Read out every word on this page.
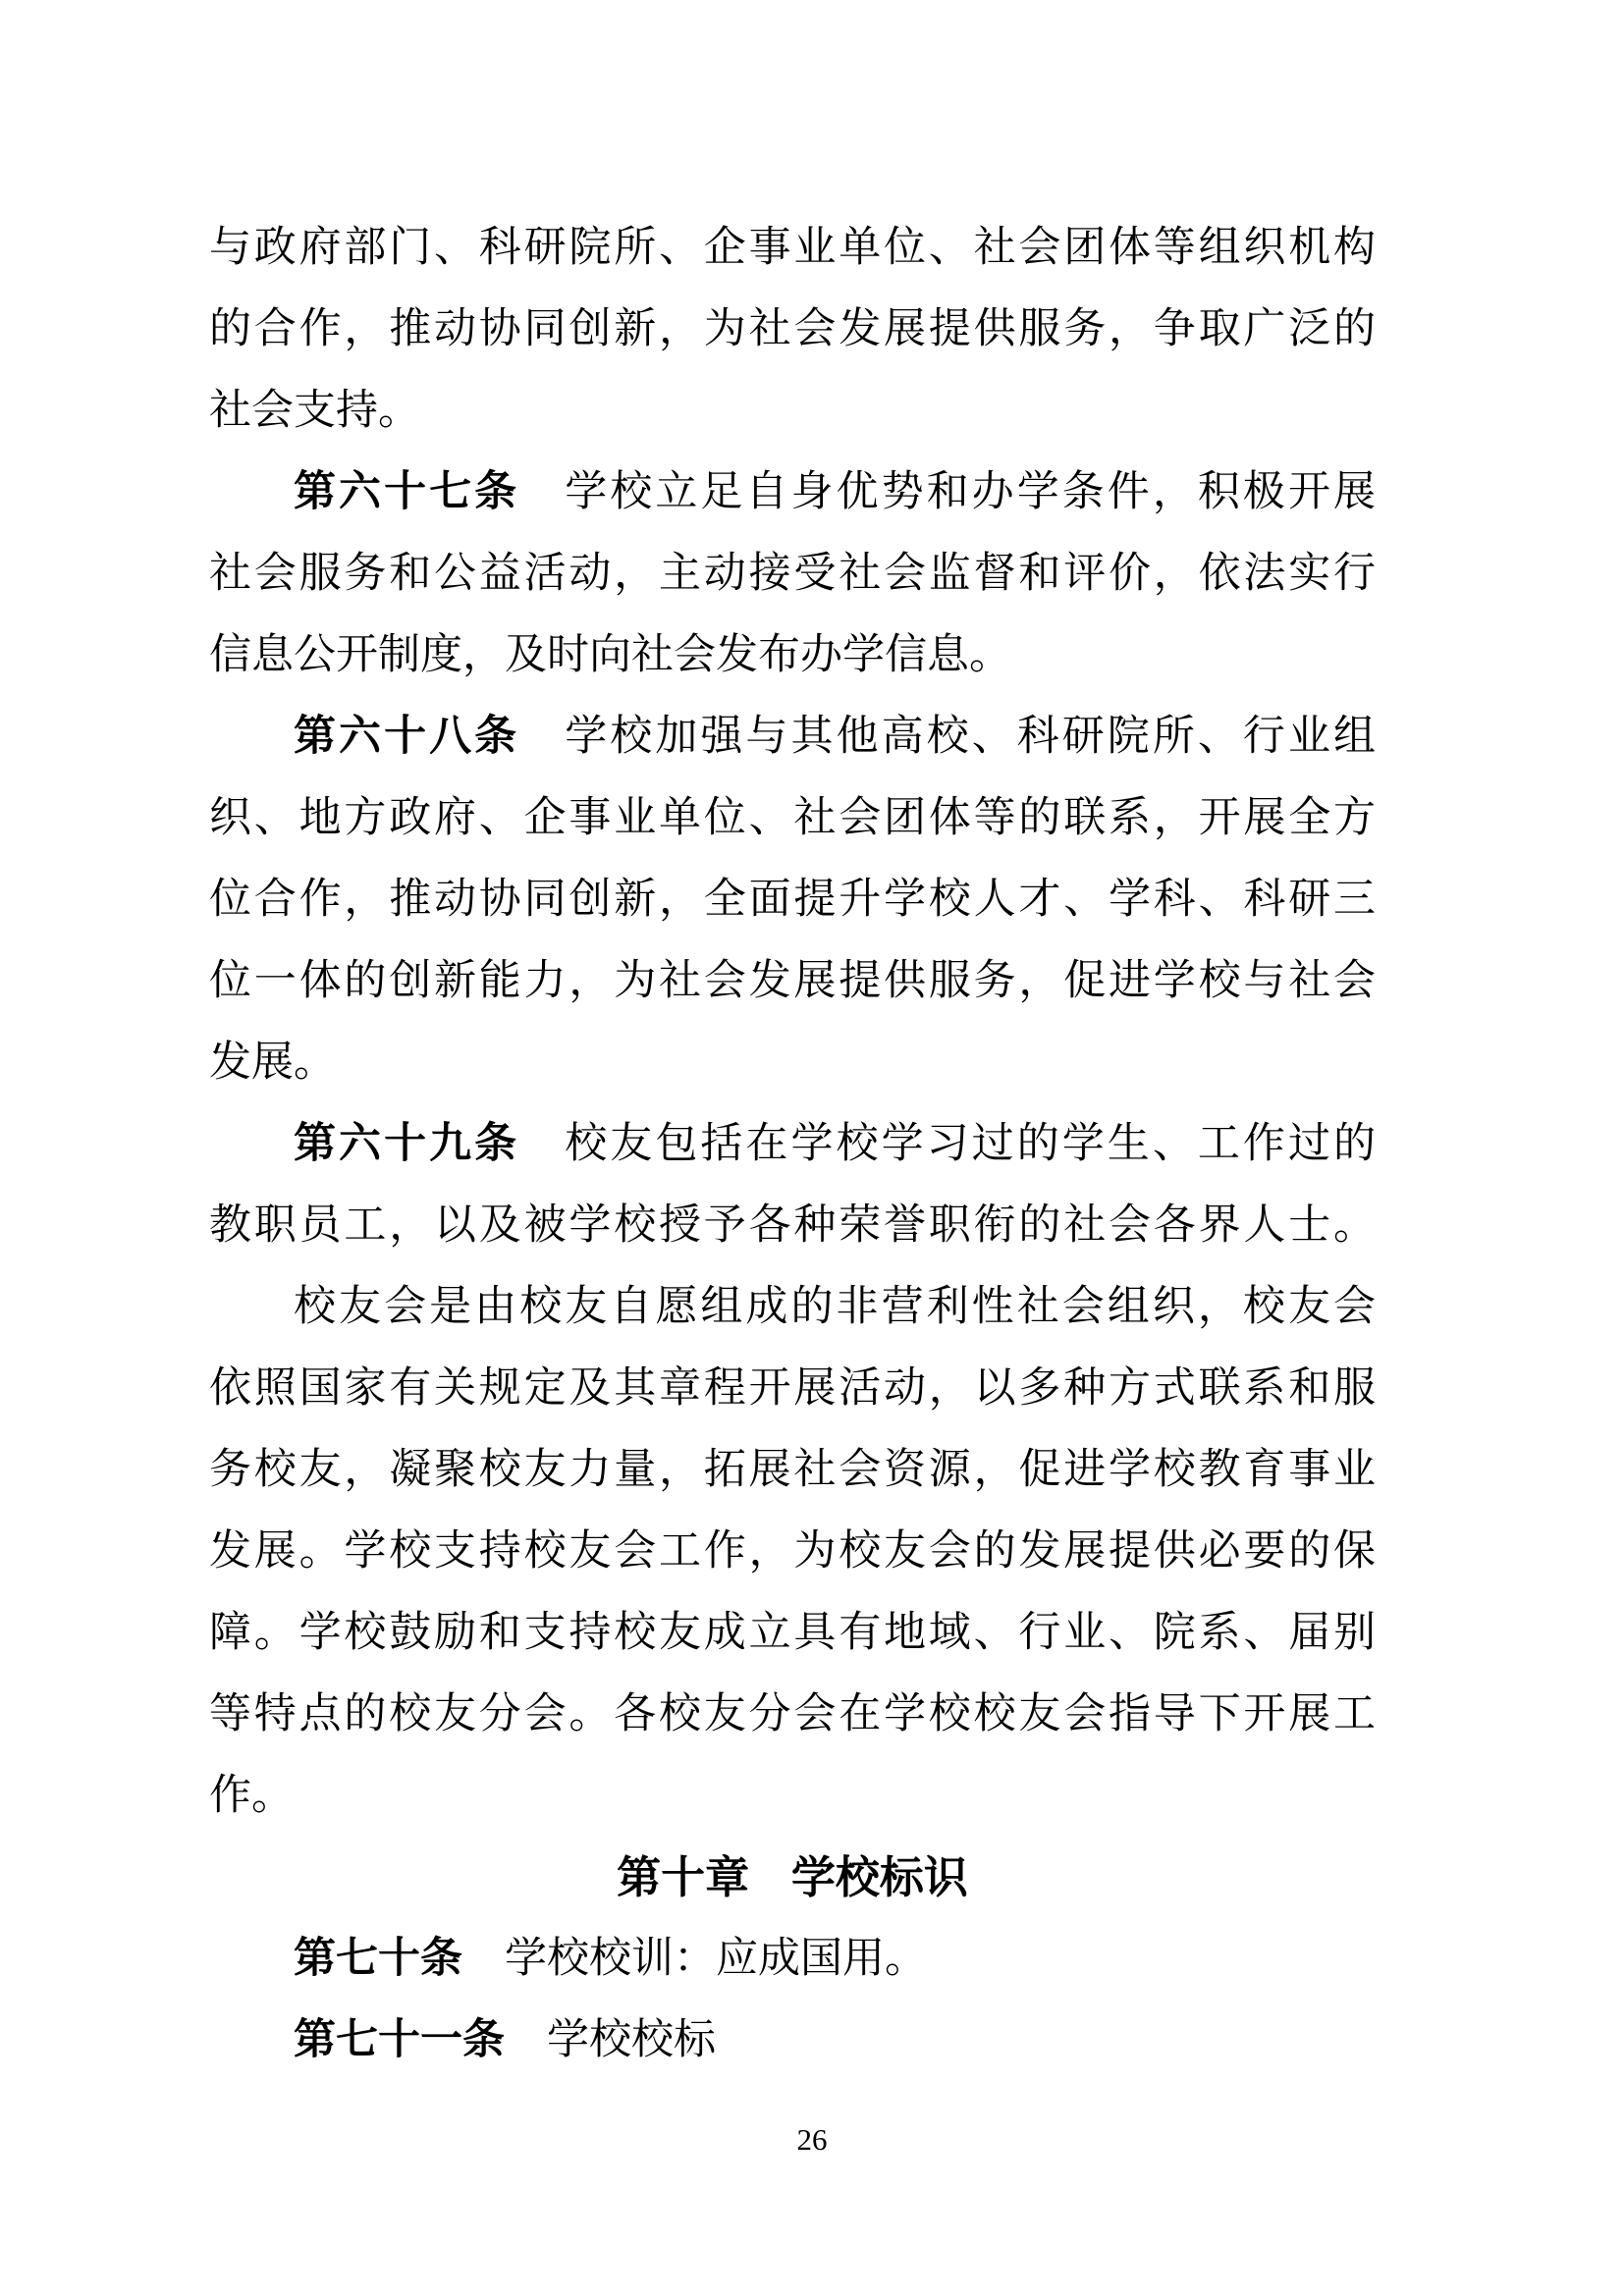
与政府部门、科研院所、企事业单位、社会团体等组织机构
的合作，推动协同创新，为社会发展提供服务，争取广泛的
社会支持。
第六十七条　学校立足自身优势和办学条件，积极开展
社会服务和公益活动，主动接受社会监督和评价，依法实行
信息公开制度，及时向社会发布办学信息。
第六十八条　学校加强与其他高校、科研院所、行业组
织、地方政府、企事业单位、社会团体等的联系，开展全方
位合作，推动协同创新，全面提升学校人才、学科、科研三
位一体的创新能力，为社会发展提供服务，促进学校与社会
发展。
第六十九条　校友包括在学校学习过的学生、工作过的
教职员工，以及被学校授予各种荣誉职衔的社会各界人士。
校友会是由校友自愿组成的非营利性社会组织，校友会
依照国家有关规定及其章程开展活动，以多种方式联系和服
务校友，凝聚校友力量，拓展社会资源，促进学校教育事业
发展。学校支持校友会工作，为校友会的发展提供必要的保
障。学校鼓励和支持校友成立具有地域、行业、院系、届别
等特点的校友分会。各校友分会在学校校友会指导下开展工
作。
第十章 学校标识
第七十条　学校校训：应成国用。
第七十一条　学校校标
26
